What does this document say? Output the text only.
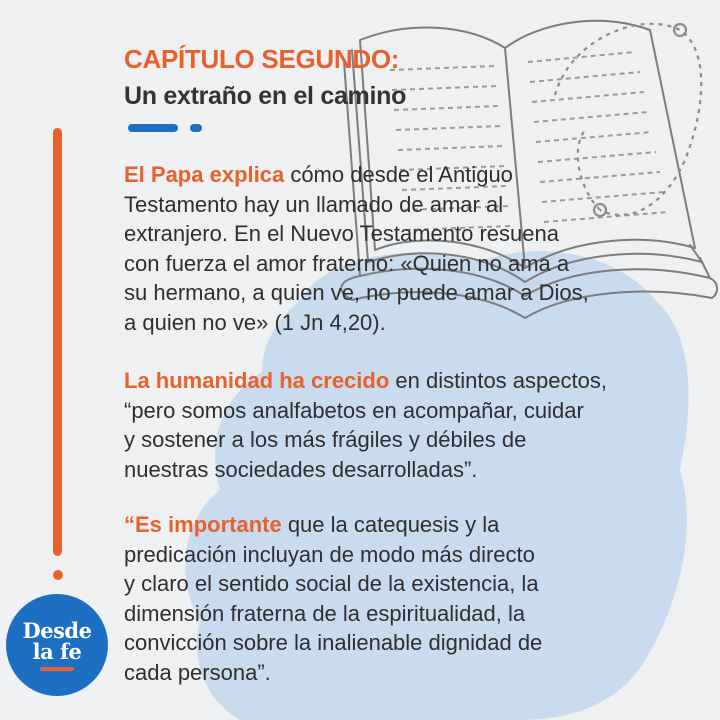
CAPÍTULO SEGUNDO:
Un extraño en el camino

El Papa explica cómo desde el Antiguo
Testamento hay un llamado de amar al
extranjero. En el Nuevo Testamento resuena
con fuerza el amor fraterno: «Quien no ama a
su hermano, a quien ve, no puede amar a Dios,
a quien no ve» (1 Jn 4,20).

La humanidad ha crecido en distintos aspectos,
“pero somos analfabetos en acompañar, cuidar
y sostener a los más frágiles y débiles de
nuestras sociedades desarrolladas”.

“Es importante que la catequesis y la
predicación incluyan de modo más directo
y claro el sentido social de la existencia, la
dimensión fraterna de la espiritualidad, la
convicción sobre la inalienable dignidad de
cada persona”.

Desde
la fe
